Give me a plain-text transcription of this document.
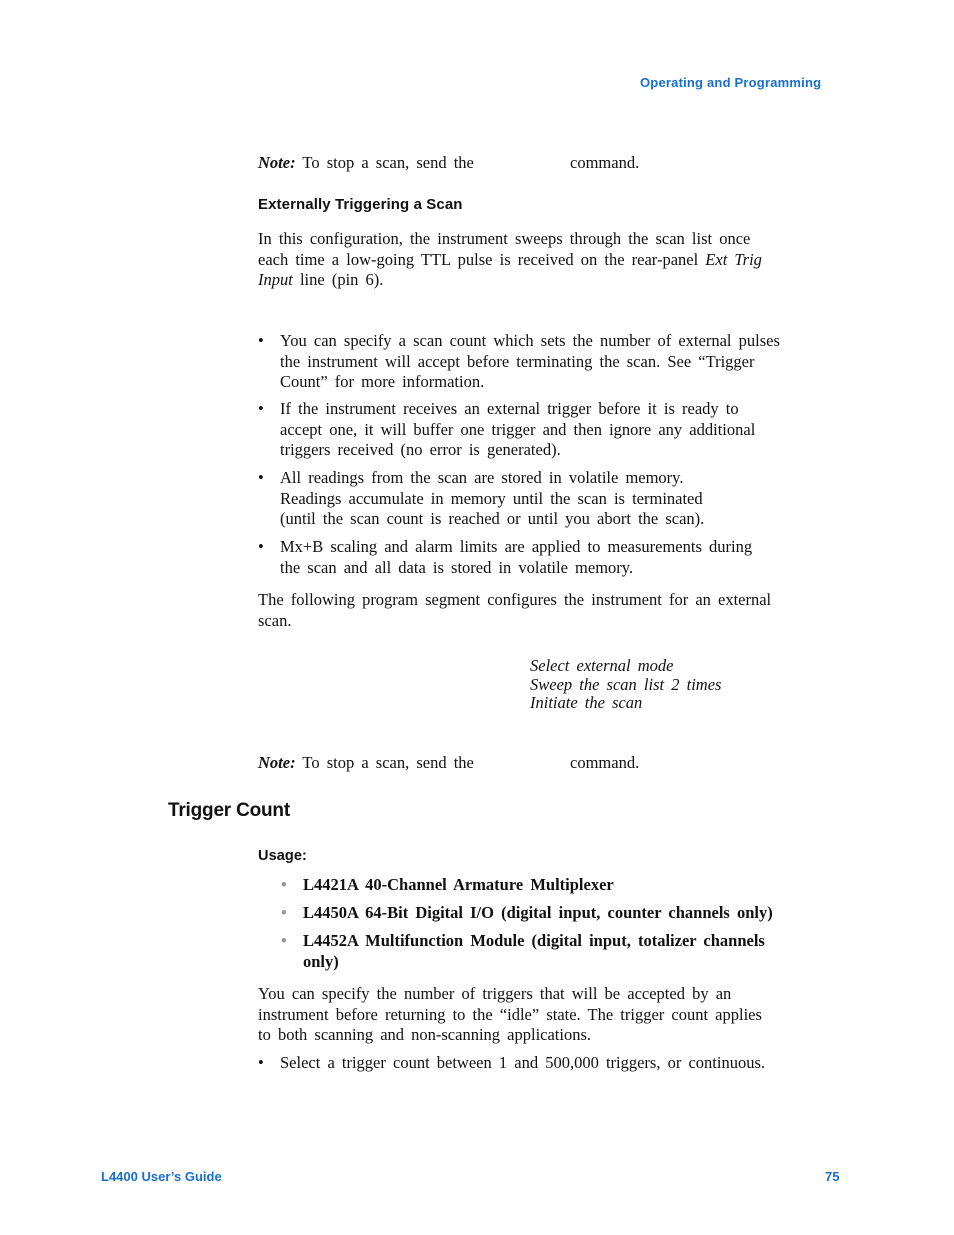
Operating and Programming
Note: To stop a scan, send the	command.
Externally Triggering a Scan
In this configuration, the instrument sweeps through the scan list once
each time a low-going TTL pulse is received on the rear-panel Ext Trig
Input line (pin 6).
• You can specify a scan count which sets the number of external pulses
the instrument will accept before terminating the scan. See “Trigger
Count” for more information.
• If the instrument receives an external trigger before it is ready to
accept one, it will buffer one trigger and then ignore any additional
triggers received (no error is generated).
• All readings from the scan are stored in volatile memory.
Readings accumulate in memory until the scan is terminated
(until the scan count is reached or until you abort the scan).
• Mx+B scaling and alarm limits are applied to measurements during
the scan and all data is stored in volatile memory.
The following program segment configures the instrument for an external
scan.
Select external mode
Sweep the scan list 2 times
Initiate the scan
Note: To stop a scan, send the	command.
Trigger Count
Usage:
• L4421A 40-Channel Armature Multiplexer
• L4450A 64-Bit Digital I/O (digital input, counter channels only)
• L4452A Multifunction Module (digital input, totalizer channels
only)
You can specify the number of triggers that will be accepted by an
instrument before returning to the “idle” state. The trigger count applies
to both scanning and non-scanning applications.
• Select a trigger count between 1 and 500,000 triggers, or continuous.
L4400 User’s Guide	75
